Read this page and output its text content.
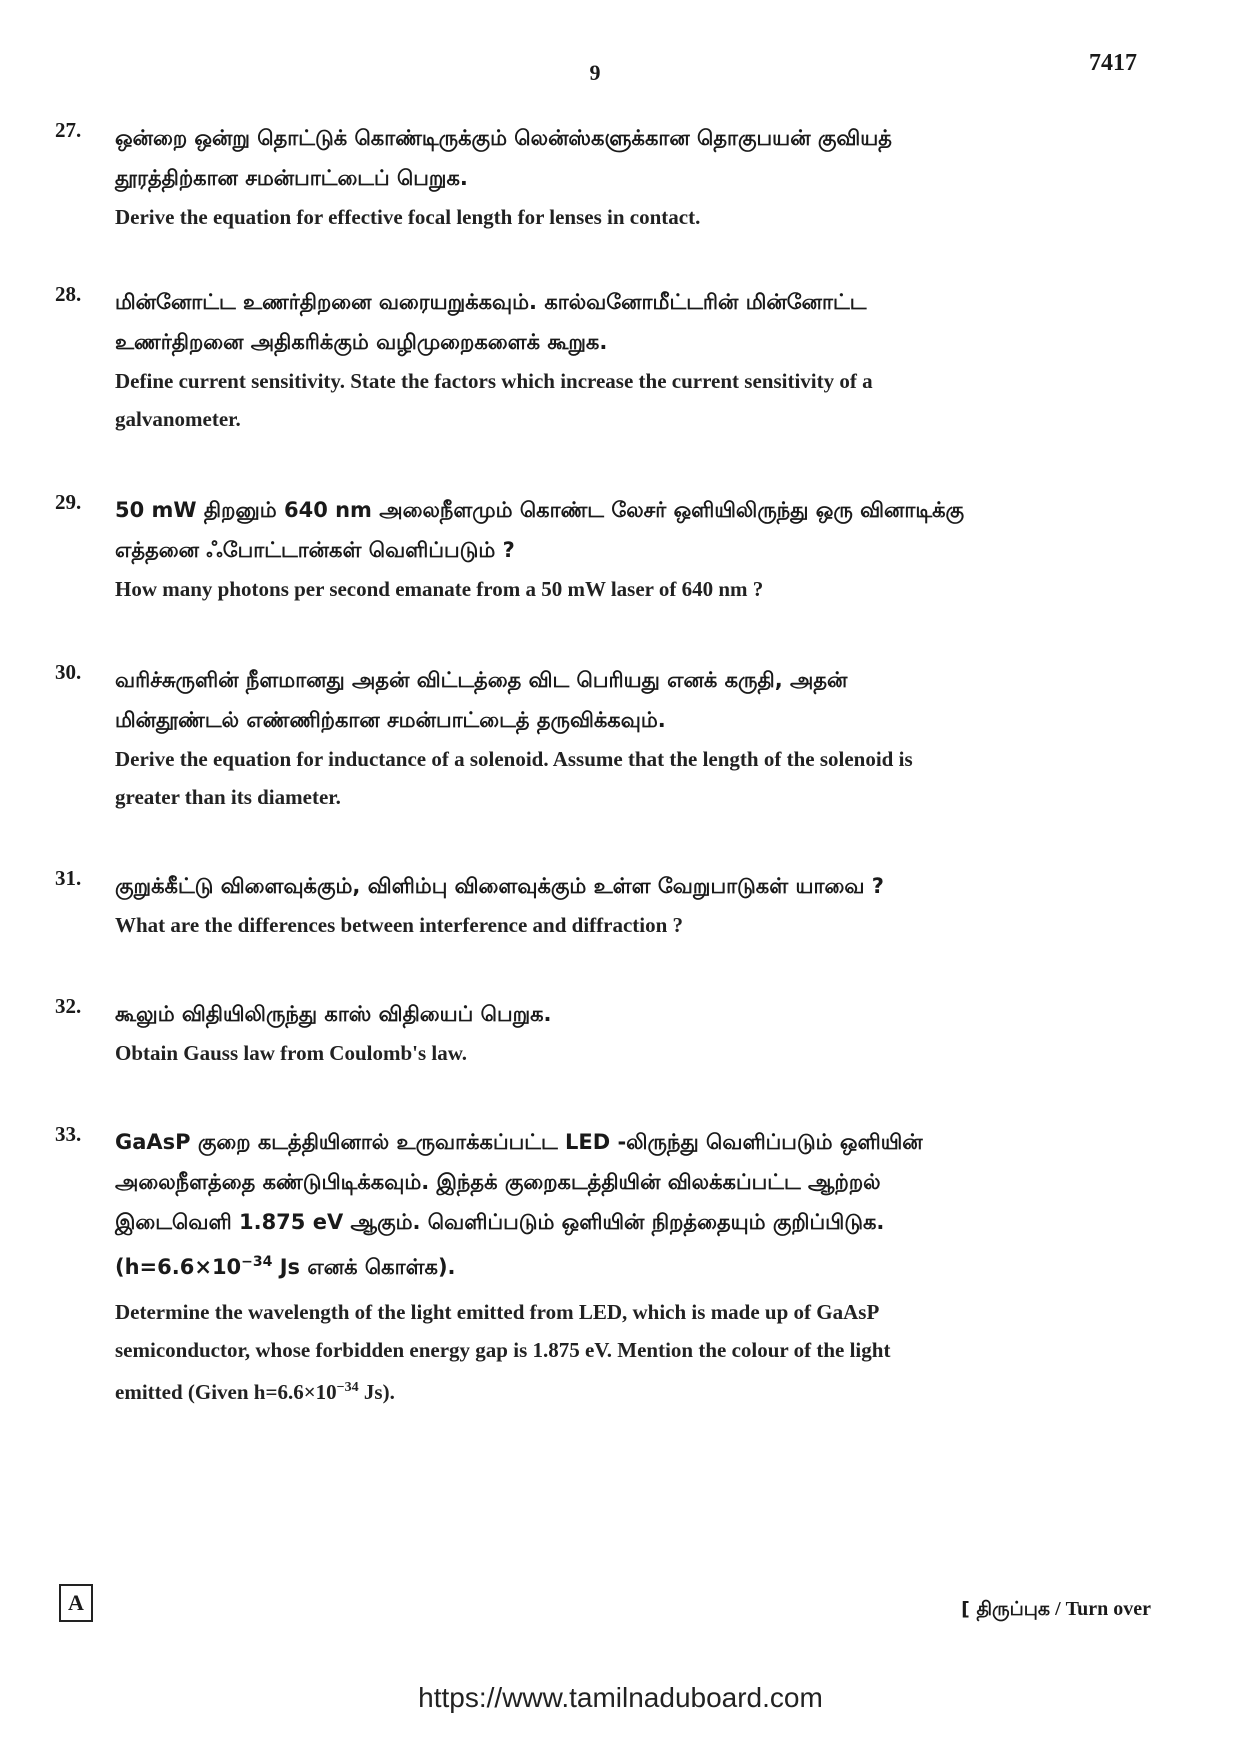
9	7417
27.	ஒன்றை ஒன்று தொட்டுக் கொண்டிருக்கும் லென்ஸ்களுக்கான தொகுபயன் குவியத்

தூரத்திற்கான சமன்பாட்டைப் பெறுக.

Derive the equation for effective focal length for lenses in contact.

28.	மின்னோட்ட உணர்திறனை வரையறுக்கவும். கால்வனோமீட்டரின் மின்னோட்ட

உணர்திறனை அதிகரிக்கும் வழிமுறைகளைக் கூறுக.

Define current sensitivity. State the factors which increase the current sensitivity of a

galvanometer.

29.	50 mW திறனும் 640 nm அலைநீளமும் கொண்ட லேசர் ஒளியிலிருந்து ஒரு வினாடிக்கு

எத்தனை ஃபோட்டான்கள் வெளிப்படும் ?

How many photons per second emanate from a 50 mW laser of 640 nm ?

30.	வரிச்சுருளின் நீளமானது அதன் விட்டத்தை விட பெரியது எனக் கருதி, அதன்

மின்தூண்டல் எண்ணிற்கான சமன்பாட்டைத் தருவிக்கவும்.

Derive the equation for inductance of a solenoid. Assume that the length of the solenoid is

greater than its diameter.

31.	குறுக்கீட்டு விளைவுக்கும், விளிம்பு விளைவுக்கும் உள்ள வேறுபாடுகள் யாவை ?

What are the differences between interference and diffraction ?

32.	கூலும் விதியிலிருந்து காஸ் விதியைப் பெறுக.

Obtain Gauss law from Coulomb's law.

33.	GaAsP குறை கடத்தியினால் உருவாக்கப்பட்ட LED -லிருந்து வெளிப்படும் ஒளியின்

அலைநீளத்தை கண்டுபிடிக்கவும். இந்தக் குறைகடத்தியின் விலக்கப்பட்ட ஆற்றல்

இடைவெளி 1.875 eV ஆகும். வெளிப்படும் ஒளியின் நிறத்தையும் குறிப்பிடுக.

($h=6.6\times 10^{-34}$ Js எனக் கொள்க).

Determine the wavelength of the light emitted from LED, which is made up of GaAsP

semiconductor, whose forbidden energy gap is 1.875 eV. Mention the colour of the light

emitted (Given $h=6.6\times 10^{-34}$ Js).

A	[ திருப்புக / Turn over
https://www.tamilnaduboard.com
